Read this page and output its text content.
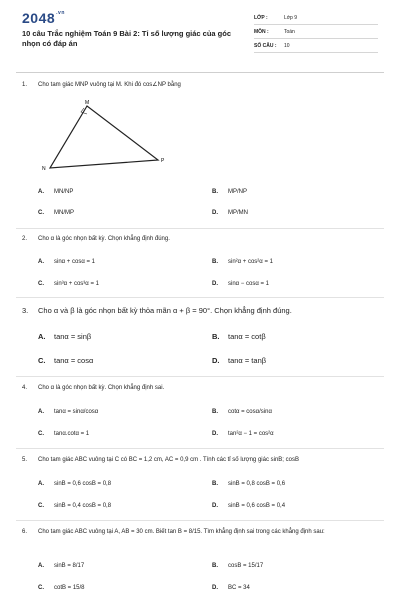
$2048^{.vn}$
10 câu Trắc nghiệm Toán 9 Bài 2: Tỉ số lượng giác của góc nhọn có đáp án
LỚP :	Lớp 9
MÔN :	Toán
SỐ CÂU : 10
1. Cho tam giác MNP vuông tại M. Khi đó cos∠NP bằng
M
N
P
A. MN/NP	B. MP/NP
C. MN/MP	D. MP/MN
2. Cho α là góc nhọn bất kỳ. Chọn khẳng định đúng.
A. sinα + cosα = 1	B. sin²α + cos²α = 1
C. sin³α + cos³α = 1	D. sinα − cosα = 1
3. Cho α và β là góc nhọn bất kỳ thỏa mãn α + β = 90°. Chọn khẳng định đúng.
A. tanα = sinβ	B. tanα = cotβ
C. tanα = cosα	D. tanα = tanβ
4. Cho α là góc nhọn bất kỳ. Chọn khẳng định sai.
A. tanα = sinα/cosα	B. cotα = cosα/sinα
C. tanα.cotα = 1	D. tan²α − 1 = cos²α
5. Cho tam giác ABC vuông tại C có BC = 1,2 cm, AC = 0,9 cm . Tính các tỉ số lượng giác sinB; cosB
A. sinB = 0,6 cosB = 0,8	B. sinB = 0,8 cosB = 0,6
C. sinB = 0,4 cosB = 0,8	D. sinB = 0,6 cosB = 0,4
6. Cho tam giác ABC vuông tại A, AB = 30 cm. Biết tan B = 8/15. Tìm khẳng định sai trong các khẳng định sau:
A. sinB = 8/17	B. cosB = 15/17
C. cotB = 15/8	D. BC = 34
